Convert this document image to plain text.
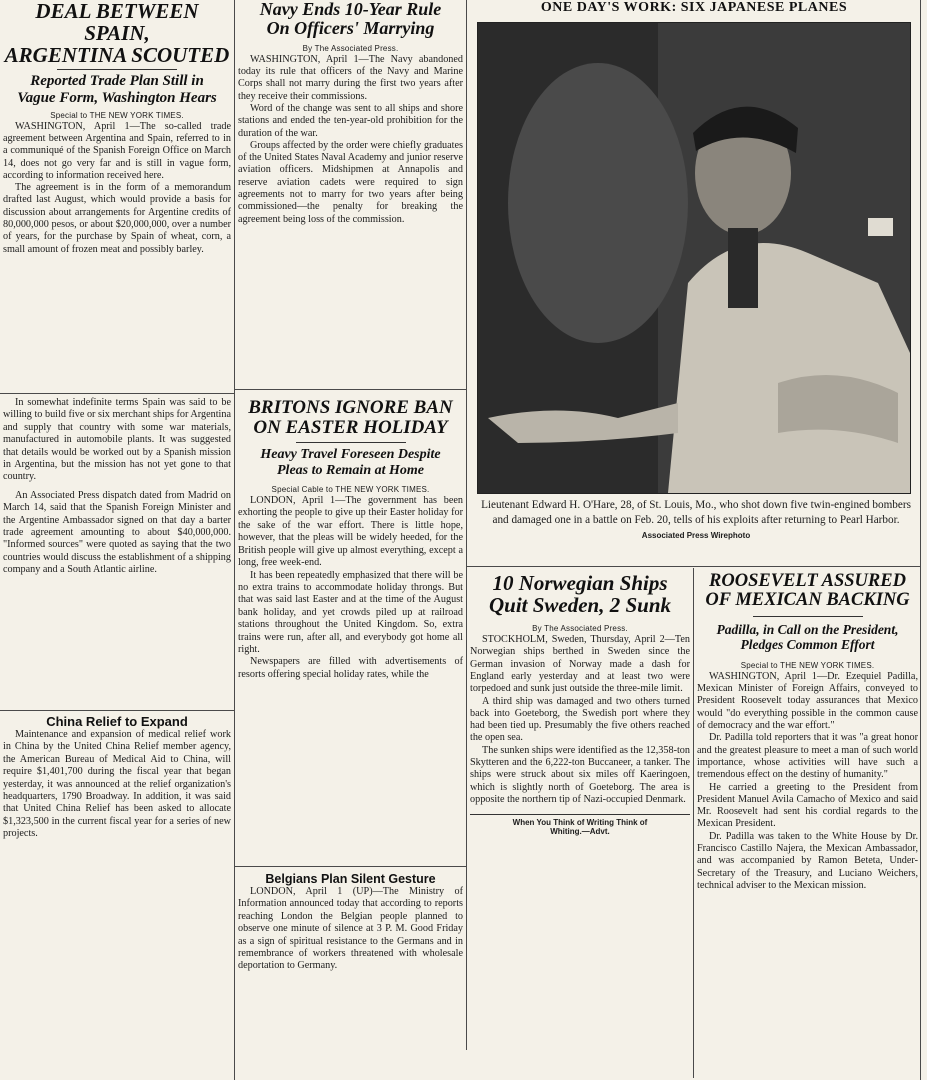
DEAL BETWEEN SPAIN,
ARGENTINA SCOUTED
Reported Trade Plan Still in
Vague Form, Washington Hears
Special to THE NEW YORK TIMES.

WASHINGTON, April 1—The so-called trade agreement between Argentina and Spain, referred to in a communiqué of the Spanish Foreign Office on March 14, does not go very far and is still in vague form, according to information received here.

The agreement is in the form of a memorandum drafted last August, which would provide a basis for discussion about arrangements for Argentine credits of 80,000,000 pesos, or about $20,000,000, over a number of years, for the purchase by Spain of wheat, corn, a small amount of frozen meat and possibly barley.

In somewhat indefinite terms Spain was said to be willing to build five or six merchant ships for Argentina and supply that country with some war materials, manufactured in automobile plants. It was suggested that details would be worked out by a Spanish mission in Argentina, but the mission has not yet gone to that country.

An Associated Press dispatch dated from Madrid on March 14, said that the Spanish Foreign Minister and the Argentine Ambassador signed on that day a barter trade agreement amounting to about $40,000,000. "Informed sources" were quoted as saying that the two countries would discuss the establishment of a shipping company and a South Atlantic airline.

China Relief to Expand

Maintenance and expansion of medical relief work in China by the United China Relief member agency, the American Bureau of Medical Aid to China, will require $1,401,700 during the fiscal year that began yesterday, it was announced at the relief organization's headquarters, 1790 Broadway. In addition, it was said that United China Relief has been asked to allocate $1,323,500 in the current fiscal year for a series of new projects.

Navy Ends 10-Year Rule
On Officers' Marrying
By The Associated Press.

WASHINGTON, April 1—The Navy abandoned today its rule that officers of the Navy and Marine Corps shall not marry during the first two years after they receive their commissions.

Word of the change was sent to all ships and shore stations and ended the ten-year-old prohibition for the duration of the war.

Groups affected by the order were chiefly graduates of the United States Naval Academy and junior reserve aviation officers. Midshipmen at Annapolis and reserve aviation cadets were required to sign agreements not to marry for two years after being commissioned—the penalty for breaking the agreement being loss of the commission.

BRITONS IGNORE BAN
ON EASTER HOLIDAY
Heavy Travel Foreseen Despite
Pleas to Remain at Home
Special Cable to THE NEW YORK TIMES.

LONDON, April 1—The government has been exhorting the people to give up their Easter holiday for the sake of the war effort. There is little hope, however, that the pleas will be widely heeded, for the British people will give up almost everything, except a long, free week-end.

It has been repeatedly emphasized that there will be no extra trains to accommodate holiday throngs. But that was said last Easter and at the time of the August bank holiday, and yet crowds piled up at railroad stations throughout the United Kingdom. So, extra trains were run, after all, and everybody got home all right.

Newspapers are filled with advertisements of resorts offering special holiday rates, while the

Belgians Plan Silent Gesture

LONDON, April 1 (UP)—The Ministry of Information announced today that according to reports reaching London the Belgian people planned to observe one minute of silence at 3 P. M. Good Friday as a sign of spiritual resistance to the Germans and in remembrance of workers threatened with wholesale deportation to Germany.

ONE DAY'S WORK: SIX JAPANESE PLANES

Lieutenant Edward H. O'Hare, 28, of St. Louis, Mo., who shot down five twin-engined bombers and damaged one in a battle on Feb. 20, tells of his exploits after returning to Pearl Harbor. Associated Press Wirephoto

10 Norwegian Ships
Quit Sweden, 2 Sunk
By The Associated Press.

STOCKHOLM, Sweden, Thursday, April 2—Ten Norwegian ships berthed in Sweden since the German invasion of Norway made a dash for England early yesterday and at least two were torpedoed and sunk just outside the three-mile limit.

A third ship was damaged and two others turned back into Goeteborg, the Swedish port where they had been tied up. Presumably the five others reached the open sea.

The sunken ships were identified as the 12,358-ton Skytteren and the 6,222-ton Buccaneer, a tanker. The ships were struck about six miles off Kaeringoen, which is slightly north of Goeteborg. The area is opposite the northern tip of Nazi-occupied Denmark.

When You Think of Writing Think of Whiting.—Advt.
ROOSEVELT ASSURED
OF MEXICAN BACKING
Padilla, in Call on the President,
Pledges Common Effort
Special to THE NEW YORK TIMES.

WASHINGTON, April 1—Dr. Ezequiel Padilla, Mexican Minister of Foreign Affairs, conveyed to President Roosevelt today assurances that Mexico would "do everything possible in the common cause of democracy and the war effort."

Dr. Padilla told reporters that it was "a great honor and the greatest pleasure to meet a man of such world importance, whose activities will have such a tremendous effect on the destiny of humanity."

He carried a greeting to the President from President Manuel Avila Camacho of Mexico and said Mr. Roosevelt had sent his cordial regards to the Mexican President.

Dr. Padilla was taken to the White House by Dr. Francisco Castillo Najera, the Mexican Ambassador, and was accompanied by Ramon Beteta, Under-Secretary of the Treasury, and Luciano Weichers, technical adviser to the Mexican mission.
